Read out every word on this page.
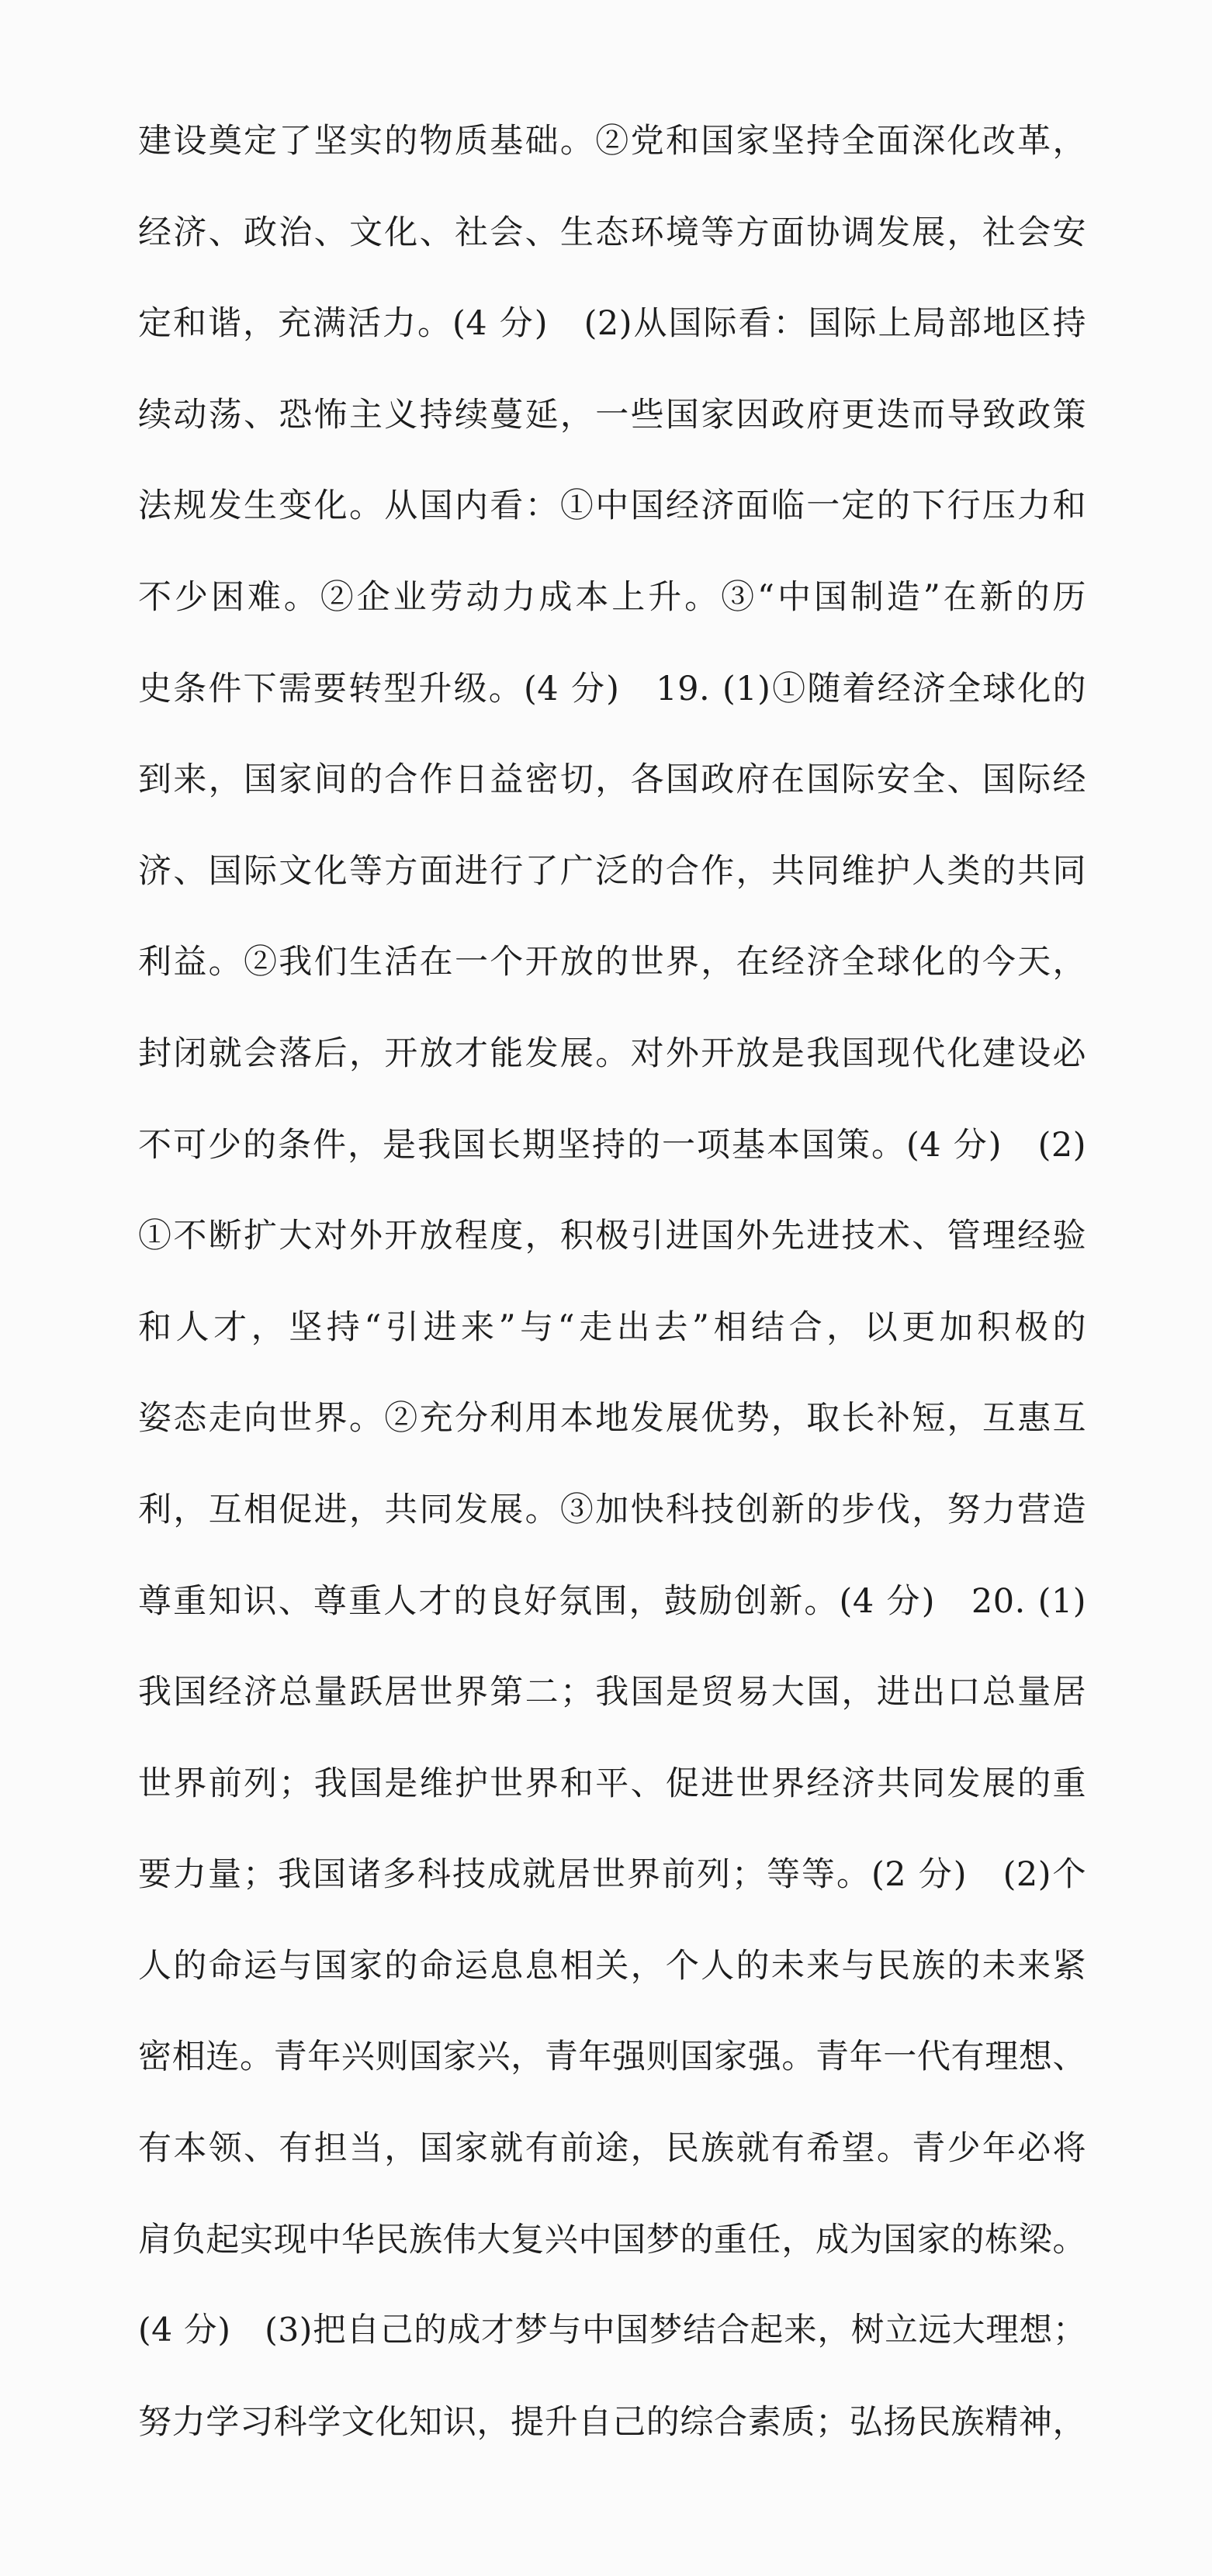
建设奠定了坚实的物质基础。②党和国家坚持全面深化改革，
经济、政治、文化、社会、生态环境等方面协调发展，社会安
定和谐，充满活力。(4 分)　(2)从国际看：国际上局部地区持
续动荡、恐怖主义持续蔓延，一些国家因政府更迭而导致政策
法规发生变化。从国内看：①中国经济面临一定的下行压力和
不少困难。②企业劳动力成本上升。③“中国制造”在新的历
史条件下需要转型升级。(4 分)　19. (1)①随着经济全球化的
到来，国家间的合作日益密切，各国政府在国际安全、国际经
济、国际文化等方面进行了广泛的合作，共同维护人类的共同
利益。②我们生活在一个开放的世界，在经济全球化的今天，
封闭就会落后，开放才能发展。对外开放是我国现代化建设必
不可少的条件，是我国长期坚持的一项基本国策。(4 分)　(2)
①不断扩大对外开放程度，积极引进国外先进技术、管理经验
和人才，坚持“引进来”与“走出去”相结合，以更加积极的
姿态走向世界。②充分利用本地发展优势，取长补短，互惠互
利，互相促进，共同发展。③加快科技创新的步伐，努力营造
尊重知识、尊重人才的良好氛围，鼓励创新。(4 分)　20. (1)
我国经济总量跃居世界第二；我国是贸易大国，进出口总量居
世界前列；我国是维护世界和平、促进世界经济共同发展的重
要力量；我国诸多科技成就居世界前列；等等。(2 分)　(2)个
人的命运与国家的命运息息相关，个人的未来与民族的未来紧
密相连。青年兴则国家兴，青年强则国家强。青年一代有理想、
有本领、有担当，国家就有前途，民族就有希望。青少年必将
肩负起实现中华民族伟大复兴中国梦的重任，成为国家的栋梁。
(4 分)　(3)把自己的成才梦与中国梦结合起来，树立远大理想；
努力学习科学文化知识，提升自己的综合素质；弘扬民族精神，
